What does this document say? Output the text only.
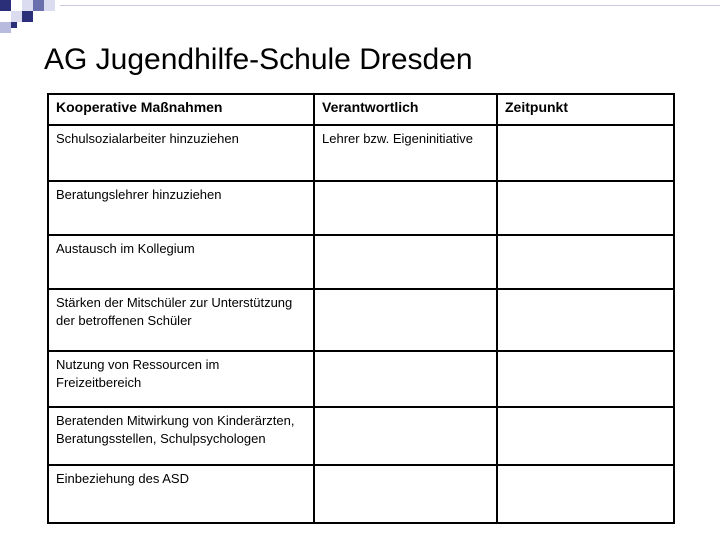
AG Jugendhilfe-Schule Dresden
Kooperative Maßnahmen	Verantwortlich	Zeitpunkt
Schulsozialarbeiter hinzuziehen	Lehrer bzw. Eigeninitiative	
Beratungslehrer hinzuziehen		
Austausch im Kollegium		
Stärken der Mitschüler zur Unterstützung der betroffenen Schüler		
Nutzung von Ressourcen im Freizeitbereich		
Beratenden Mitwirkung von Kinderärzten, Beratungsstellen, Schulpsychologen		
Einbeziehung des ASD		
